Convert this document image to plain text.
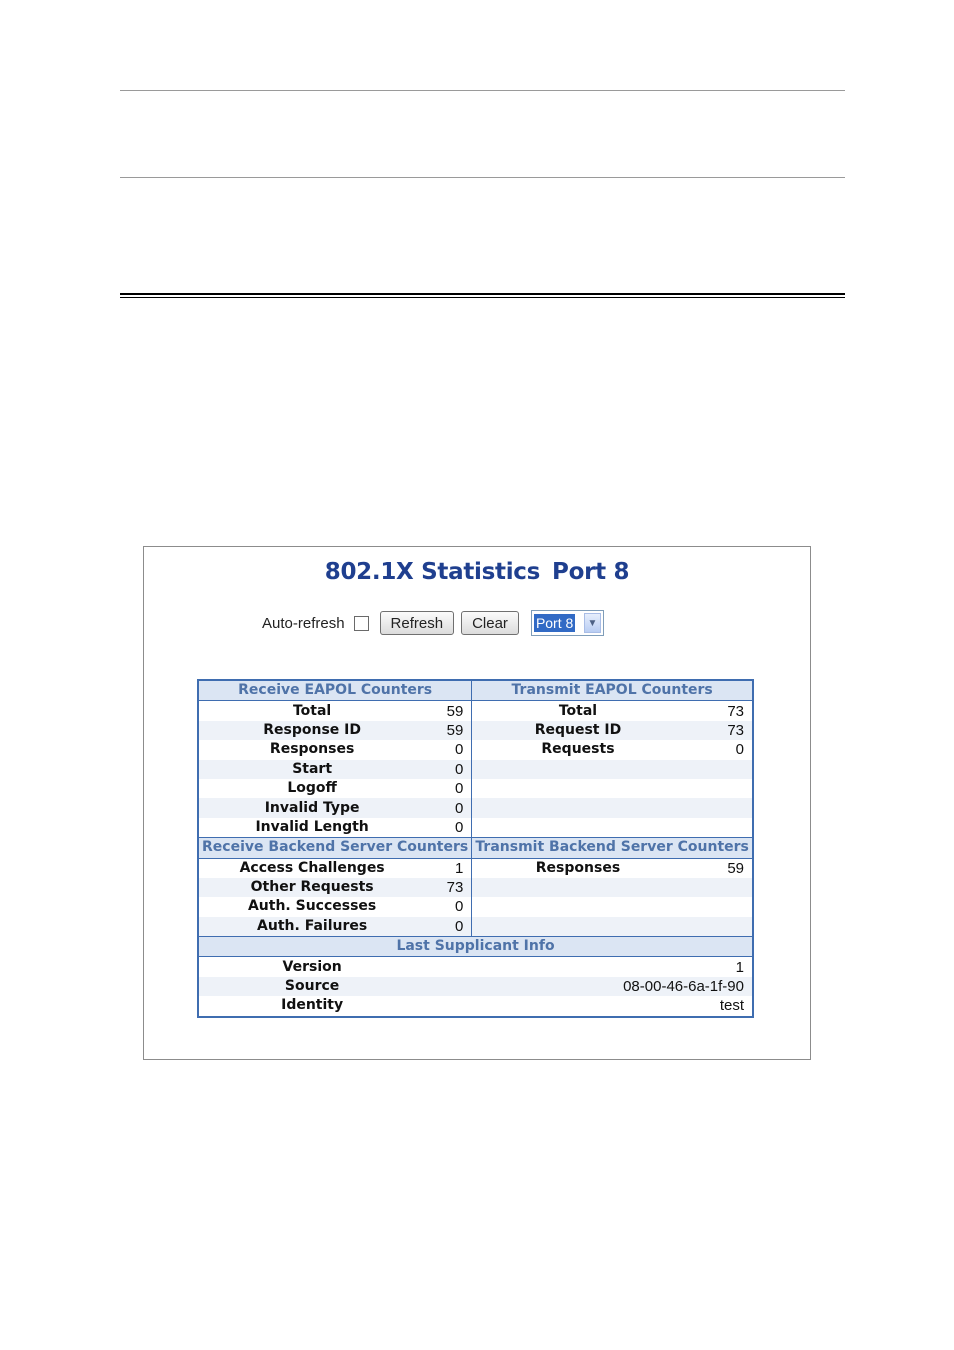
802.1X Statistics Port 8
Auto-refresh	Refresh	Clear	Port 8	▼
Receive EAPOL Counters		Transmit EAPOL Counters	
Total	59	Total	73
Response ID	59	Request ID	73
Responses	0	Requests	0
Start	0		
Logoff	0		
Invalid Type	0		
Invalid Length	0		
Receive Backend Server Counters		Transmit Backend Server Counters	
Access Challenges	1	Responses	59
Other Requests	73		
Auth. Successes	0		
Auth. Failures	0		
Last Supplicant Info			
Version	1		
Source	08-00-46-6a-1f-90		
Identity	test		
